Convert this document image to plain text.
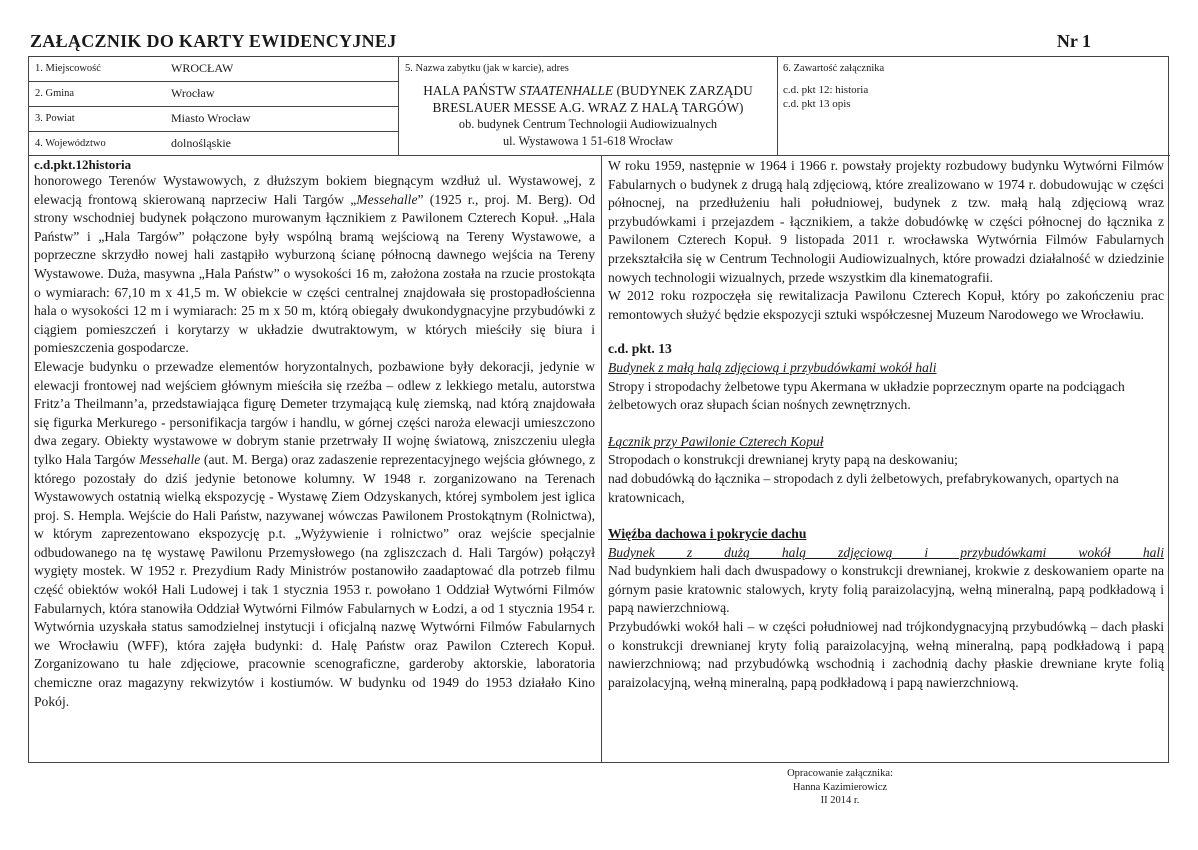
ZAŁĄCZNIK DO KARTY EWIDENCYJNEJ	Nr 1
1. Miejscowość	WROCŁAW
2. Gmina	Wrocław
3. Powiat	Miasto Wrocław
4. Województwo	dolnośląskie
5. Nazwa zabytku (jak w karcie), adres
HALA PAŃSTW STAATENHALLE (BUDYNEK ZARZĄDU
BRESLAUER MESSE A.G. WRAZ Z HALĄ TARGÓW)
ob. budynek Centrum Technologii Audiowizualnych
ul. Wystawowa 1 51-618 Wrocław
6. Zawartość załącznika
c.d. pkt 12: historia
c.d. pkt 13 opis
c.d.pkt.12historia

honorowego Terenów Wystawowych, z dłuższym bokiem biegnącym wzdłuż ul. Wystawowej, z elewacją frontową skierowaną naprzeciw Hali Targów „Messehalle” (1925 r., proj. M. Berg). Od strony wschodniej budynek połączono murowanym łącznikiem z Pawilonem Czterech Kopuł. „Hala Państw” i „Hala Targów” połączone były wspólną bramą wejściową na Tereny Wystawowe, a poprzeczne skrzydło nowej hali zastąpiło wyburzoną ścianę północną dawnego wejścia na Tereny Wystawowe. Duża, masywna „Hala Państw” o wysokości 16 m, założona została na rzucie prostokąta o wymiarach: 67,10 m x 41,5 m. W obiekcie w części centralnej znajdowała się prostopadłościenna hala o wysokości 12 m i wymiarach: 25 m x 50 m, którą obiegały dwukondygnacyjne przybudówki z ciągiem pomieszczeń i korytarzy w układzie dwutraktowym, w których mieściły się biura i pomieszczenia gospodarcze.

Elewacje budynku o przewadze elementów horyzontalnych, pozbawione były dekoracji, jedynie w elewacji frontowej nad wejściem głównym mieściła się rzeźba – odlew z lekkiego metalu, autorstwa Fritz’a Theilmann’a, przedstawiająca figurę Demeter trzymającą kulę ziemską, nad którą znajdowała się figurka Merkurego - personifikacja targów i handlu, w górnej części naroża elewacji umieszczono dwa zegary. Obiekty wystawowe w dobrym stanie przetrwały II wojnę światową, zniszczeniu uległa tylko Hala Targów Messehalle (aut. M. Berga) oraz zadaszenie reprezentacyjnego wejścia głównego, z którego pozostały do dziś jedynie betonowe kolumny. W 1948 r. zorganizowano na Terenach Wystawowych ostatnią wielką ekspozycję - Wystawę Ziem Odzyskanych, której symbolem jest iglica proj. S. Hempla. Wejście do Hali Państw, nazywanej wówczas Pawilonem Prostokątnym (Rolnictwa), w którym zaprezentowano ekspozycję p.t. „Wyżywienie i rolnictwo” oraz wejście specjalnie odbudowanego na tę wystawę Pawilonu Przemysłowego (na zgliszczach d. Hali Targów) połączył wygięty mostek. W 1952 r. Prezydium Rady Ministrów postanowiło zaadaptować dla potrzeb filmu część obiektów wokół Hali Ludowej i tak 1 stycznia 1953 r. powołano 1 Oddział Wytwórni Filmów Fabularnych, która stanowiła Oddział Wytwórni Filmów Fabularnych w Łodzi, a od 1 stycznia 1954 r. Wytwórnia uzyskała status samodzielnej instytucji i oficjalną nazwę Wytwórni Filmów Fabularnych we Wrocławiu (WFF), która zajęła budynki: d. Halę Państw oraz Pawilon Czterech Kopuł. Zorganizowano tu hale zdjęciowe, pracownie scenograficzne, garderoby aktorskie, laboratoria chemiczne oraz magazyny rekwizytów i kostiumów. W budynku od 1949 do 1953 działało Kino Pokój.

W roku 1959, następnie w 1964 i 1966 r. powstały projekty rozbudowy budynku Wytwórni Filmów Fabularnych o budynek z drugą halą zdjęciową, które zrealizowano w 1974 r. dobudowując w części północnej, na przedłużeniu hali południowej, budynek z tzw. małą halą zdjęciową wraz przybudówkami i przejazdem - łącznikiem, a także dobudówkę w części północnej do łącznika z Pawilonem Czterech Kopuł. 9 listopada 2011 r. wrocławska Wytwórnia Filmów Fabularnych przekształciła się w Centrum Technologii Audiowizualnych, które prowadzi działalność w dziedzinie nowych technologii wizualnych, przede wszystkim dla kinematografii.

W 2012 roku rozpoczęła się rewitalizacja Pawilonu Czterech Kopuł, który po zakończeniu prac remontowych służyć będzie ekspozycji sztuki współczesnej Muzeum Narodowego we Wrocławiu.

c.d. pkt. 13

Budynek z małą halą zdjęciową i przybudówkami wokół hali

Stropy i stropodachy żelbetowe typu Akermana w układzie poprzecznym oparte na podciągach żelbetowych oraz słupach ścian nośnych zewnętrznych.

Łącznik przy Pawilonie Czterech Kopuł

Stropodach o konstrukcji drewnianej kryty papą na deskowaniu;

nad dobudówką do łącznika – stropodach z dyli żelbetowych, prefabrykowanych, opartych na kratownicach,

Więźba dachowa i pokrycie dachu

Budynek z dużą halą zdjęciową i przybudówkami wokół hali

Nad budynkiem hali dach dwuspadowy o konstrukcji drewnianej, krokwie z deskowaniem oparte na górnym pasie kratownic stalowych, kryty folią paraizolacyjną, wełną mineralną, papą podkładową i papą nawierzchniową.

Przybudówki wokół hali – w części południowej nad trójkondygnacyjną przybudówką – dach płaski o konstrukcji drewnianej kryty folią paraizolacyjną, wełną mineralną, papą podkładową i papą nawierzchniową; nad przybudówką wschodnią i zachodnią dachy płaskie drewniane kryte folią paraizolacyjną, wełną mineralną, papą podkładową i papą nawierzchniową.

Opracowanie załącznika:
Hanna Kazimierowicz
II 2014 r.
